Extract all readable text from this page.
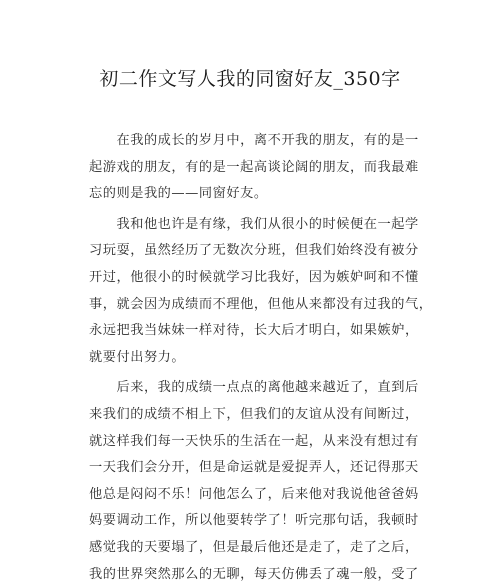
初二作文写人我的同窗好友_350字
　　在我的成长的岁月中，离不开我的朋友，有的是一
起游戏的朋友，有的是一起高谈论阔的朋友，而我最难
忘的则是我的——同窗好友。
　　我和他也许是有缘，我们从很小的时候便在一起学
习玩耍，虽然经历了无数次分班，但我们始终没有被分
开过，他很小的时候就学习比我好，因为嫉妒呵和不懂
事，就会因为成绩而不理他，但他从来都没有过我的气，
永远把我当妹妹一样对待，长大后才明白，如果嫉妒，
就要付出努力。
　　后来，我的成绩一点点的离他越来越近了，直到后
来我们的成绩不相上下，但我们的友谊从没有间断过，
就这样我们每一天快乐的生活在一起，从来没有想过有
一天我们会分开，但是命运就是爱捉弄人，还记得那天
他总是闷闷不乐！问他怎么了，后来他对我说他爸爸妈
妈要调动工作，所以他要转学了！听完那句话，我顿时
感觉我的天要塌了，但是最后他还是走了，走了之后，
我的世界突然那么的无聊，每天仿佛丢了魂一般，受了
